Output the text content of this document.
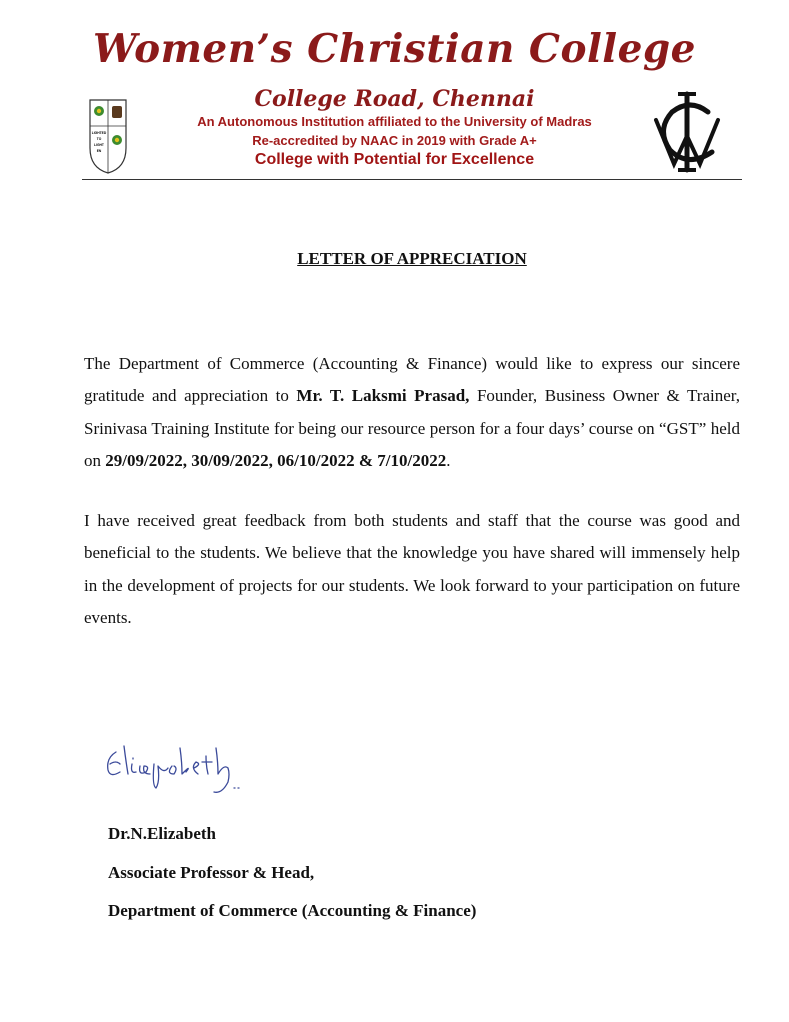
Women’s Christian College
College Road, Chennai
An Autonomous Institution affiliated to the University of Madras
Re-accredited by NAAC in 2019 with Grade A+
College with Potential for Excellence
LIGHTED
TO
LIGHT
EN
LETTER OF APPRECIATION

The Department of Commerce (Accounting & Finance) would like to express our sincere gratitude and appreciation to Mr. T. Laksmi Prasad, Founder, Business Owner & Trainer, Srinivasa Training Institute for being our resource person for a four days’ course on “GST” held on 29/09/2022, 30/09/2022, 06/10/2022 & 7/10/2022.

I have received great feedback from both students and staff that the course was good and beneficial to the students. We believe that the knowledge you have shared will immensely help in the development of projects for our students. We look forward to your participation on future events.

Dr.N.Elizabeth
Associate Professor & Head,
Department of Commerce (Accounting & Finance)
